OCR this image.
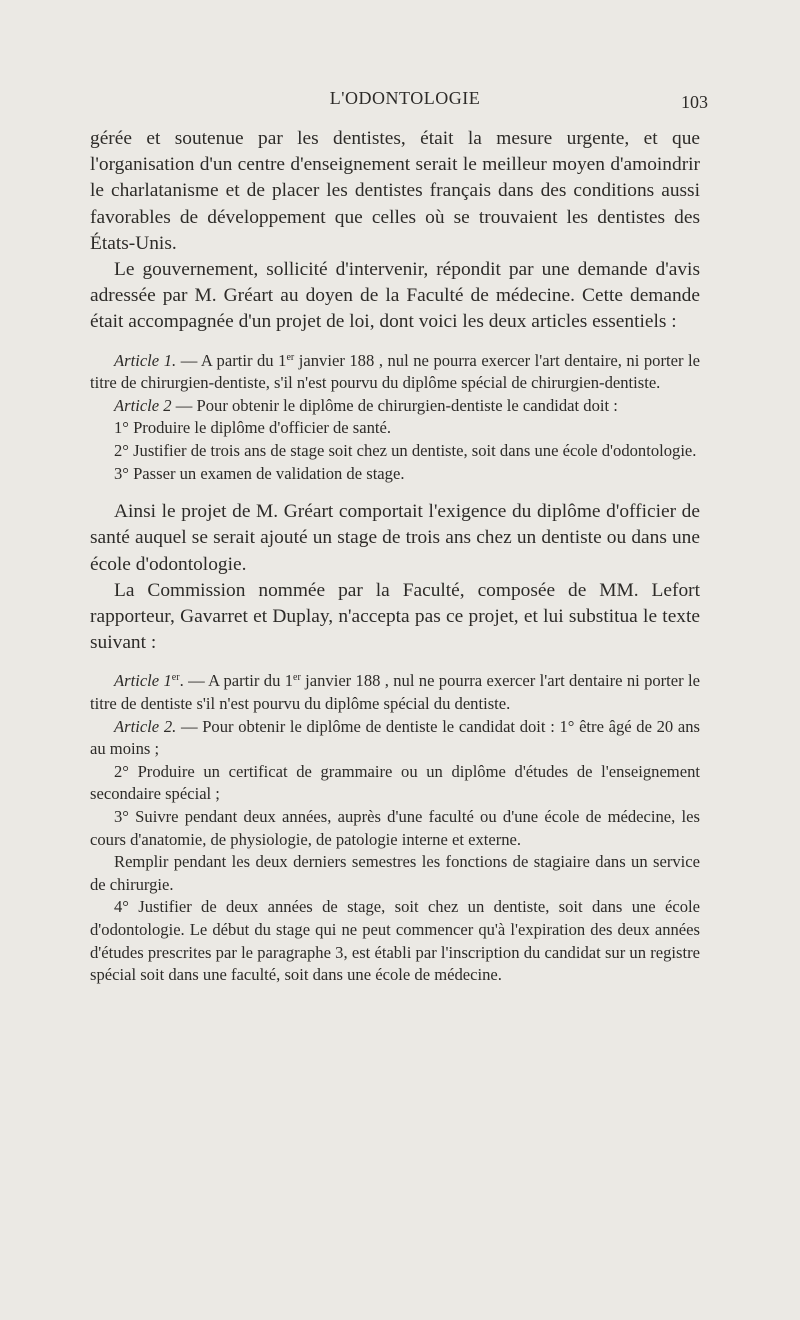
L'ODONTOLOGIE	103

gérée et soutenue par les dentistes, était la mesure urgente, et que l'organisation d'un centre d'enseignement serait le meilleur moyen d'amoindrir le charlatanisme et de placer les dentistes français dans des conditions aussi favorables de développement que celles où se trouvaient les dentistes des États-Unis.

Le gouvernement, sollicité d'intervenir, répondit par une demande d'avis adressée par M. Gréart au doyen de la Faculté de médecine. Cette demande était accompagnée d'un projet de loi, dont voici les deux articles essentiels :

Article 1. — A partir du 1er janvier 188 , nul ne pourra exercer l'art dentaire, ni porter le titre de chirurgien-dentiste, s'il n'est pourvu du diplôme spécial de chirurgien-dentiste.

Article 2 — Pour obtenir le diplôme de chirurgien-dentiste le candidat doit :

1° Produire le diplôme d'officier de santé.

2° Justifier de trois ans de stage soit chez un dentiste, soit dans une école d'odontologie.

3° Passer un examen de validation de stage.

Ainsi le projet de M. Gréart comportait l'exigence du diplôme d'officier de santé auquel se serait ajouté un stage de trois ans chez un dentiste ou dans une école d'odontologie.

La Commission nommée par la Faculté, composée de MM. Lefort rapporteur, Gavarret et Duplay, n'accepta pas ce projet, et lui substitua le texte suivant :

Article 1er. — A partir du 1er janvier 188 , nul ne pourra exercer l'art dentaire ni porter le titre de dentiste s'il n'est pourvu du diplôme spécial du dentiste.

Article 2. — Pour obtenir le diplôme de dentiste le candidat doit : 1° être âgé de 20 ans au moins ;

2° Produire un certificat de grammaire ou un diplôme d'études de l'enseignement secondaire spécial ;

3° Suivre pendant deux années, auprès d'une faculté ou d'une école de médecine, les cours d'anatomie, de physiologie, de patologie interne et externe.

Remplir pendant les deux derniers semestres les fonctions de stagiaire dans un service de chirurgie.

4° Justifier de deux années de stage, soit chez un dentiste, soit dans une école d'odontologie. Le début du stage qui ne peut commencer qu'à l'expiration des deux années d'études prescrites par le paragraphe 3, est établi par l'inscription du candidat sur un registre spécial soit dans une faculté, soit dans une école de médecine.
